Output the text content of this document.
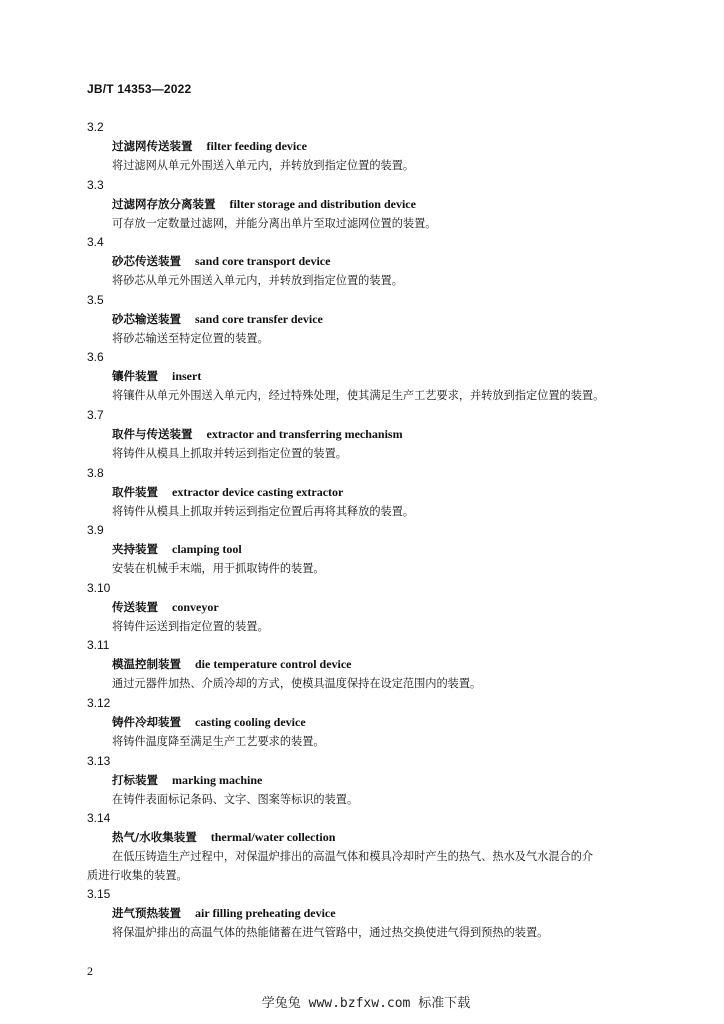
JB/T 14353—2022
3.2
过滤网传送装置 filter feeding device
将过滤网从单元外围送入单元内，并转放到指定位置的装置。
3.3
过滤网存放分离装置 filter storage and distribution device
可存放一定数量过滤网，并能分离出单片至取过滤网位置的装置。
3.4
砂芯传送装置 sand core transport device
将砂芯从单元外围送入单元内，并转放到指定位置的装置。
3.5
砂芯输送装置 sand core transfer device
将砂芯输送至特定位置的装置。
3.6
镶件装置 insert
将镶件从单元外围送入单元内，经过特殊处理，使其满足生产工艺要求，并转放到指定位置的装置。
3.7
取件与传送装置 extractor and transferring mechanism
将铸件从模具上抓取并转运到指定位置的装置。
3.8
取件装置 extractor device casting extractor
将铸件从模具上抓取并转运到指定位置后再将其释放的装置。
3.9
夹持装置 clamping tool
安装在机械手末端，用于抓取铸件的装置。
3.10
传送装置 conveyor
将铸件运送到指定位置的装置。
3.11
模温控制装置 die temperature control device
通过元器件加热、介质冷却的方式，使模具温度保持在设定范围内的装置。
3.12
铸件冷却装置 casting cooling device
将铸件温度降至满足生产工艺要求的装置。
3.13
打标装置 marking machine
在铸件表面标记条码、文字、图案等标识的装置。
3.14
热气/水收集装置 thermal/water collection
在低压铸造生产过程中，对保温炉排出的高温气体和模具冷却时产生的热气、热水及气水混合的介
质进行收集的装置。
3.15
进气预热装置 air filling preheating device
将保温炉排出的高温气体的热能储蓄在进气管路中，通过热交换使进气得到预热的装置。
2
学兔兔 www.bzfxw.com 标准下载
